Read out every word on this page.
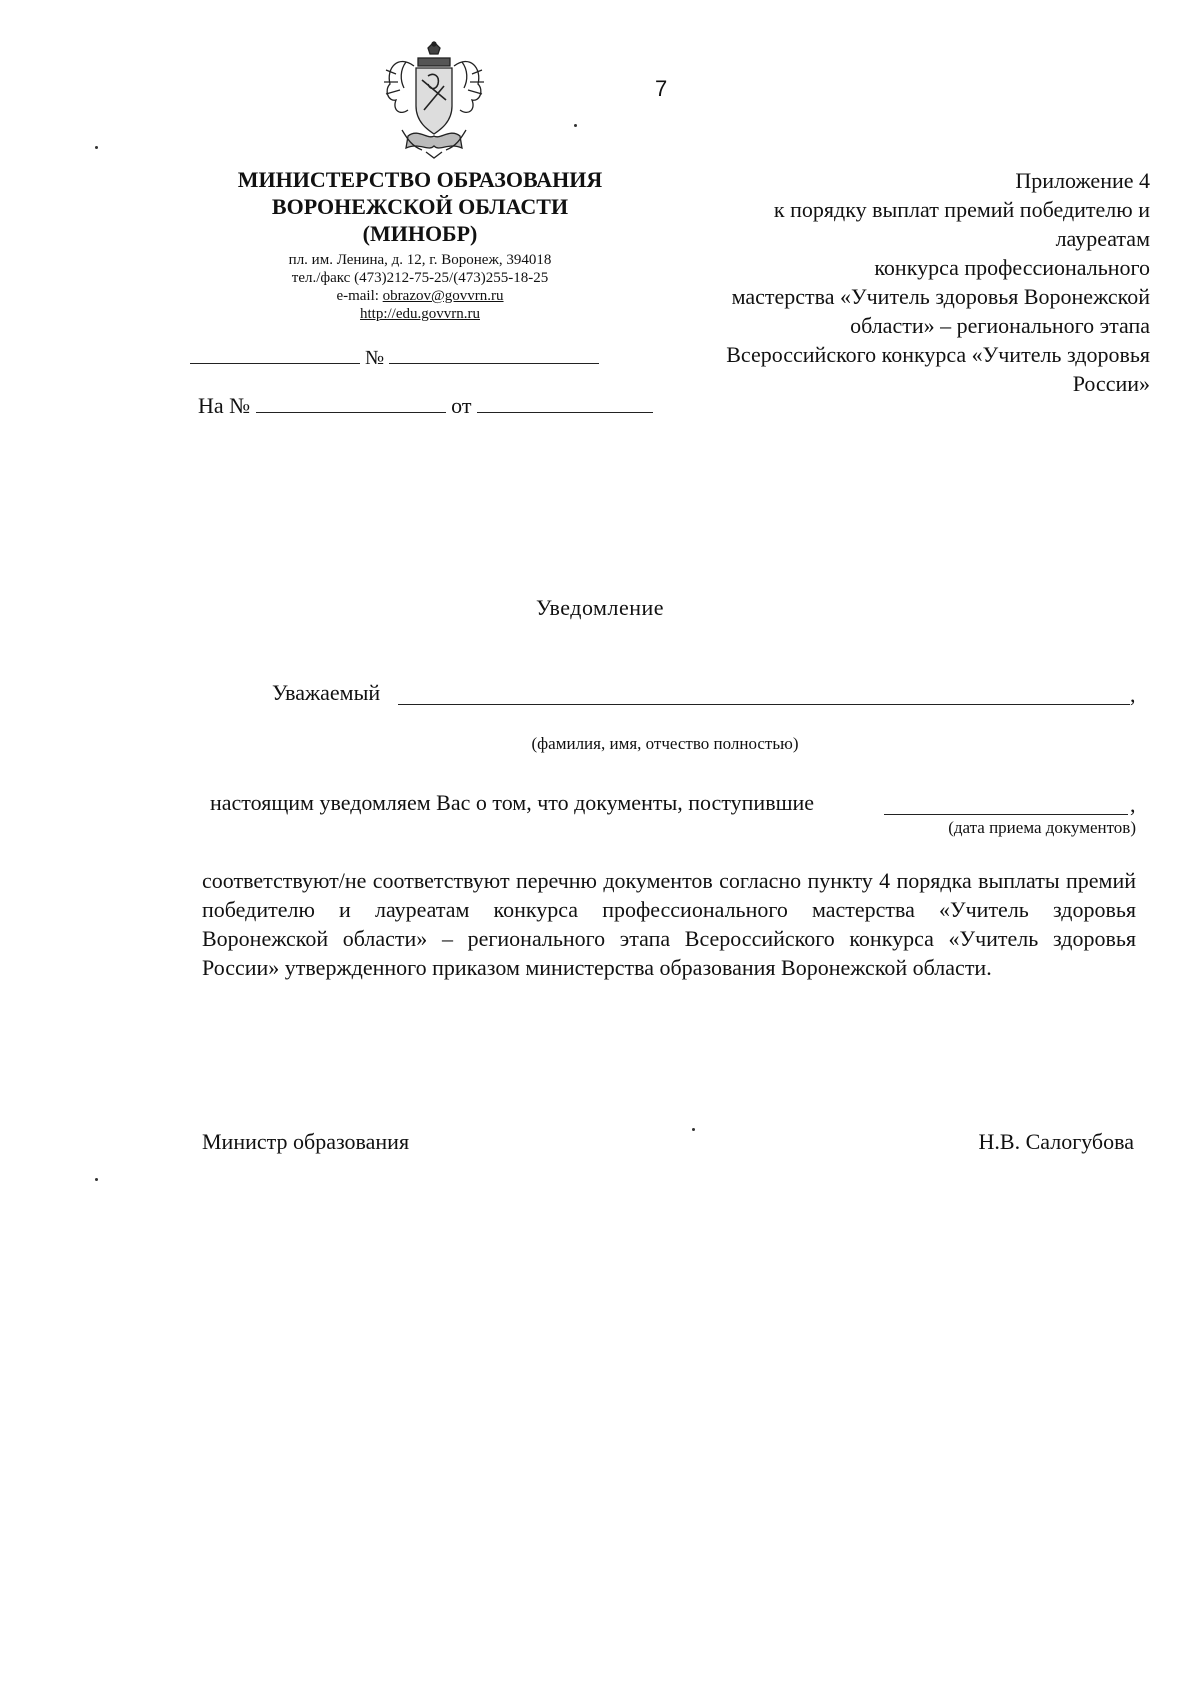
7
МИНИСТЕРСТВО ОБРАЗОВАНИЯ
ВОРОНЕЖСКОЙ ОБЛАСТИ
(МИНОБР)
пл. им. Ленина, д. 12, г. Воронеж, 394018
тел./факс (473)212-75-25/(473)255-18-25
e-mail: obrazov@govvrn.ru
http://edu.govvrn.ru
Приложение 4
к порядку выплат премий победителю и
лауреатам
конкурса профессионального
мастерства «Учитель здоровья Воронежской
области» – регионального этапа
Всероссийского конкурса «Учитель здоровья
России»
№
На №	от
Уведомление
Уважаемый	,
(фамилия, имя, отчество полностью)
настоящим уведомляем Вас о том, что документы, поступившие	,
(дата приема документов)
соответствуют/не соответствуют перечню документов согласно пункту 4 порядка выплаты премий победителю и лауреатам конкурса профессионального мастерства «Учитель здоровья Воронежской области» – регионального этапа Всероссийского конкурса «Учитель здоровья России» утвержденного приказом министерства образования Воронежской области.
Министр образования	Н.В. Салогубова
